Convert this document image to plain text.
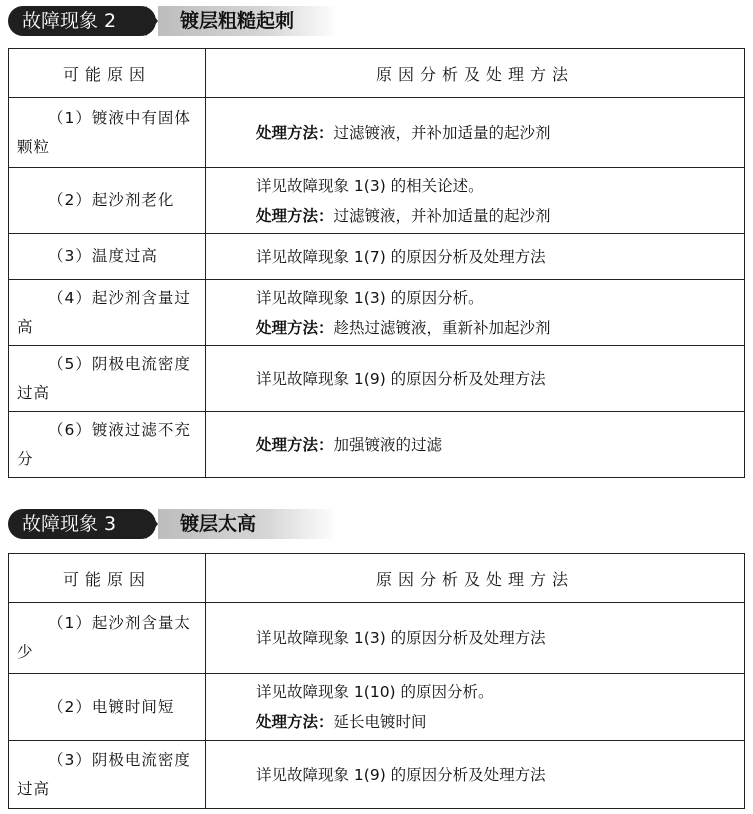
故障现象 2	镀层粗糙起刺
可能原因	原因分析及处理方法
（1）镀液中有固体颗粒	处理方法：过滤镀液，并补加适量的起沙剂

（2）起沙剂老化	详见故障现象 1(3) 的相关论述。
处理方法：过滤镀液，并补加适量的起沙剂

（3）温度过高	详见故障现象 1(7) 的原因分析及处理方法

（4）起沙剂含量过高	详见故障现象 1(3) 的原因分析。
处理方法：趁热过滤镀液，重新补加起沙剂

（5）阴极电流密度过高	详见故障现象 1(9) 的原因分析及处理方法

（6）镀液过滤不充分	处理方法：加强镀液的过滤
故障现象 3	镀层太高
可能原因	原因分析及处理方法
（1）起沙剂含量太少	详见故障现象 1(3) 的原因分析及处理方法

（2）电镀时间短	详见故障现象 1(10) 的原因分析。
处理方法：延长电镀时间

（3）阴极电流密度过高	详见故障现象 1(9) 的原因分析及处理方法
